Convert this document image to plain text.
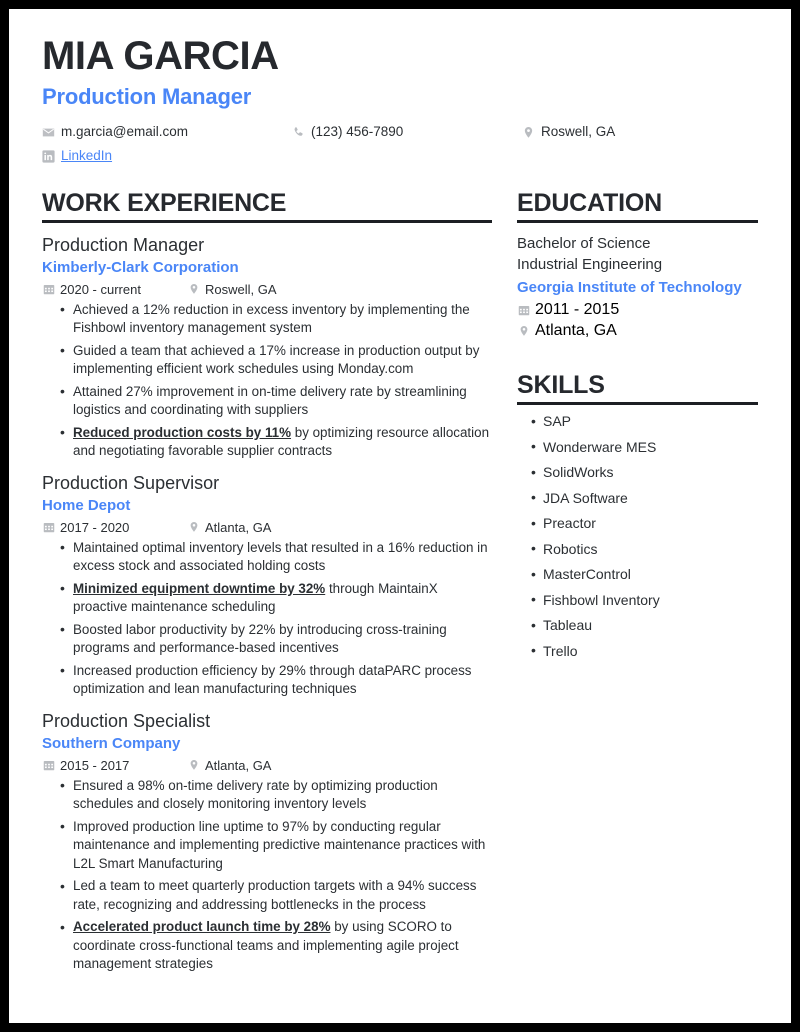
MIA GARCIA
Production Manager
m.garcia@email.com	(123) 456-7890	Roswell, GA
LinkedIn
WORK EXPERIENCE
Production Manager
Kimberly-Clark Corporation
2020 - current	Roswell, GA
• Achieved a 12% reduction in excess inventory by implementing the Fishbowl inventory management system
• Guided a team that achieved a 17% increase in production output by implementing efficient work schedules using Monday.com
• Attained 27% improvement in on-time delivery rate by streamlining logistics and coordinating with suppliers
• Reduced production costs by 11% by optimizing resource allocation and negotiating favorable supplier contracts
Production Supervisor
Home Depot
2017 - 2020	Atlanta, GA
• Maintained optimal inventory levels that resulted in a 16% reduction in excess stock and associated holding costs
• Minimized equipment downtime by 32% through MaintainX proactive maintenance scheduling
• Boosted labor productivity by 22% by introducing cross-training programs and performance-based incentives
• Increased production efficiency by 29% through dataPARC process optimization and lean manufacturing techniques
Production Specialist
Southern Company
2015 - 2017	Atlanta, GA
• Ensured a 98% on-time delivery rate by optimizing production schedules and closely monitoring inventory levels
• Improved production line uptime to 97% by conducting regular maintenance and implementing predictive maintenance practices with L2L Smart Manufacturing
• Led a team to meet quarterly production targets with a 94% success rate, recognizing and addressing bottlenecks in the process
• Accelerated product launch time by 28% by using SCORO to coordinate cross-functional teams and implementing agile project management strategies
EDUCATION
Bachelor of Science
Industrial Engineering
Georgia Institute of Technology
2011 - 2015
Atlanta, GA
SKILLS
• SAP
• Wonderware MES
• SolidWorks
• JDA Software
• Preactor
• Robotics
• MasterControl
• Fishbowl Inventory
• Tableau
• Trello
